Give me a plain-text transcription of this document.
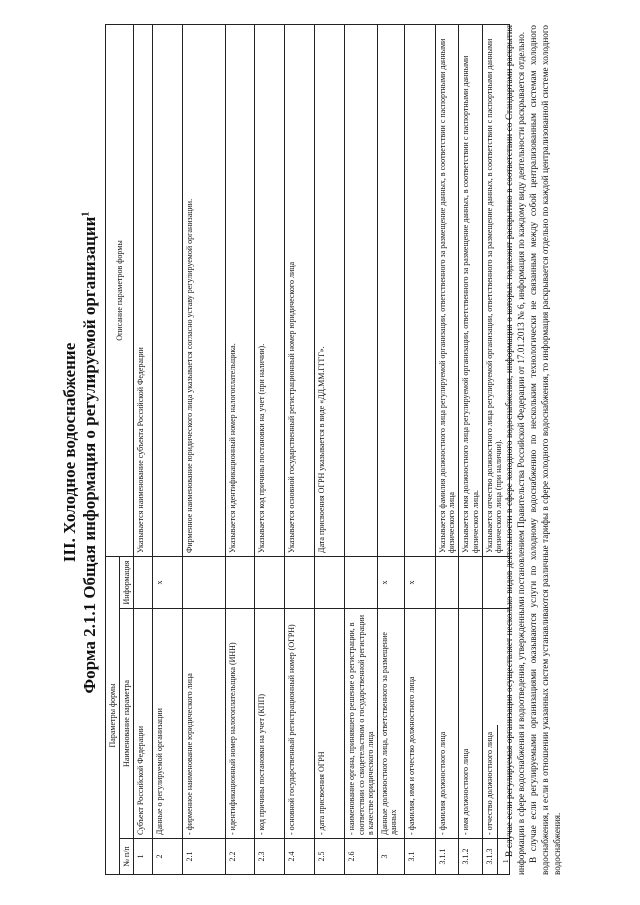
III. Холодное водоснабжение Форма 2.1.1 Общая информация о регулируемой организации$^1$
Параметры формы			Описание параметров формы
№ п/п	Наименование параметра	Информация	
1	Субъект Российской Федерации		Указывается наименование субъекта Российской Федерации
2	Данные о регулируемой организации	x	
2.1	- фирменное наименование юридического лица		Фирменное наименование юридического лица указывается согласно уставу регулируемой организации.
2.2	- идентификационный номер налогоплательщика (ИНН)		Указывается идентификационный номер налогоплательщика.
2.3	- код причины постановки на учет (КПП)		Указывается код причины постановки на учет (при наличии).
2.4	- основной государственный регистрационный номер (ОГРН)		Указывается основной государственный регистрационный номер юридического лица
2.5	- дата присвоения ОГРН		Дата присвоения ОГРН указывается в виде «ДД.ММ.ГГГГ».
2.6	- наименование органа, принявшего решение о регистрации, в соответствии со свидетельством о государственной регистрации в качестве юридического лица		
3	Данные должностного лица, ответственного за размещение данных	x	
3.1	- фамилия, имя и отчество должностного лица	x	
3.1.1	- фамилия должностного лица		Указывается фамилия должностного лица регулируемой организации, ответственного за размещение данных, в соответствии с паспортными данными физического лица
3.1.2	- имя должностного лица		Указывается имя должностного лица регулируемой организации, ответственного за размещение данных, в соответствии с паспортными данными физического лица.
3.1.3	- отчество должностного лица		Указывается отчество должностного лица регулируемой организации, ответственного за размещение данных, в соответствии с паспортными данными физического лица (при наличии).

$^1$ В случае если регулируемая организация осуществляет несколько видов деятельности в сфере холодного водоснабжения, информация о которых подлежит раскрытию в соответствии со Стандартами раскрытия информации в сфере водоснабжения и водоотведения, утвержденными постановлением Правительства Российской Федерации от 17.01.2013 № 6, информация по каждому виду деятельности раскрывается отдельно. В случае если регулируемыми организациями оказываются услуги по холодному водоснабжению по нескольким технологически не связанным между собой централизованным системам холодного водоснабжения, и если в отношении указанных систем устанавливаются различные тарифы в сфере холодного водоснабжения, то информация раскрывается отдельно по каждой централизованной системе холодного водоснабжения.
